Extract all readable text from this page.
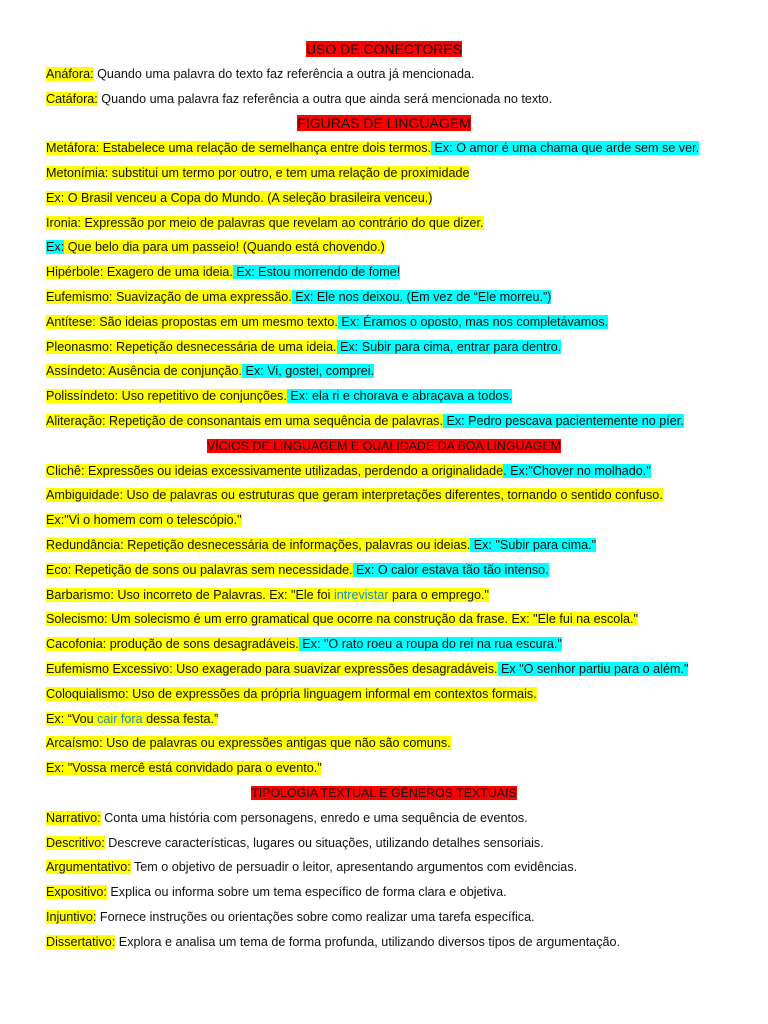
USO DE CONECTORES
Anáfora: Quando uma palavra do texto faz referência a outra já mencionada.
Catáfora: Quando uma palavra faz referência a outra que ainda será mencionada no texto.
FIGURAS DE LINGUAGEM
Metáfora: Estabelece uma relação de semelhança entre dois termos. Ex: O amor é uma chama que arde sem se ver.
Metonímia: substitui um termo por outro, e tem uma relação de proximidade
Ex: O Brasil venceu a Copa do Mundo. (A seleção brasileira venceu.)
Ironia: Expressão por meio de palavras que revelam ao contrário do que dizer.
Ex: Que belo dia para um passeio! (Quando está chovendo.)
Hipérbole: Exagero de uma ideia. Ex: Estou morrendo de fome!
Eufemismo: Suavização de uma expressão. Ex: Ele nos deixou. (Em vez de “Ele morreu.”)
Antítese: São ideias propostas em um mesmo texto. Ex: Éramos o oposto, mas nos completávamos.
Pleonasmo: Repetição desnecessária de uma ideia. Ex: Subir para cima, entrar para dentro.
Assíndeto: Ausência de conjunção. Ex: Vi, gostei, comprei.
Polissíndeto: Uso repetitivo de conjunções. Ex: ela ri e chorava e abraçava a todos.
Aliteração: Repetição de consonantais em uma sequência de palavras. Ex: Pedro pescava pacientemente no píer.
VÍCIOS DE LINGUAGEM E QUALIDADE DA BOA LINGUAGEM
Clichê: Expressões ou ideias excessivamente utilizadas, perdendo a originalidade. Ex:"Chover no molhado."
Ambiguidade: Uso de palavras ou estruturas que geram interpretações diferentes, tornando o sentido confuso.
Ex:"Vi o homem com o telescópio."
Redundância: Repetição desnecessária de informações, palavras ou ideias. Ex: "Subir para cima."
Eco: Repetição de sons ou palavras sem necessidade. Ex: O calor estava tão tão intenso.
Barbarismo: Uso incorreto de Palavras. Ex: "Ele foi intrevistar para o emprego."
Solecismo: Um solecismo é um erro gramatical que ocorre na construção da frase. Ex: "Ele fui na escola."
Cacofonia: produção de sons desagradáveis. Ex: "O rato roeu a roupa do rei na rua escura."
Eufemismo Excessivo: Uso exagerado para suavizar expressões desagradáveis. Ex "O senhor partiu para o além."
Coloquialismo: Uso de expressões da própria linguagem informal em contextos formais.
Ex: “Vou cair fora dessa festa.”
Arcaísmo: Uso de palavras ou expressões antigas que não são comuns.
Ex: "Vossa mercê está convidado para o evento."
TIPOLOGIA TEXTUAL E GÊNEROS TEXTUAIS
Narrativo: Conta uma história com personagens, enredo e uma sequência de eventos.
Descritivo: Descreve características, lugares ou situações, utilizando detalhes sensoriais.
Argumentativo: Tem o objetivo de persuadir o leitor, apresentando argumentos com evidências.
Expositivo: Explica ou informa sobre um tema específico de forma clara e objetiva.
Injuntivo: Fornece instruções ou orientações sobre como realizar uma tarefa específica.
Dissertativo: Explora e analisa um tema de forma profunda, utilizando diversos tipos de argumentação.
